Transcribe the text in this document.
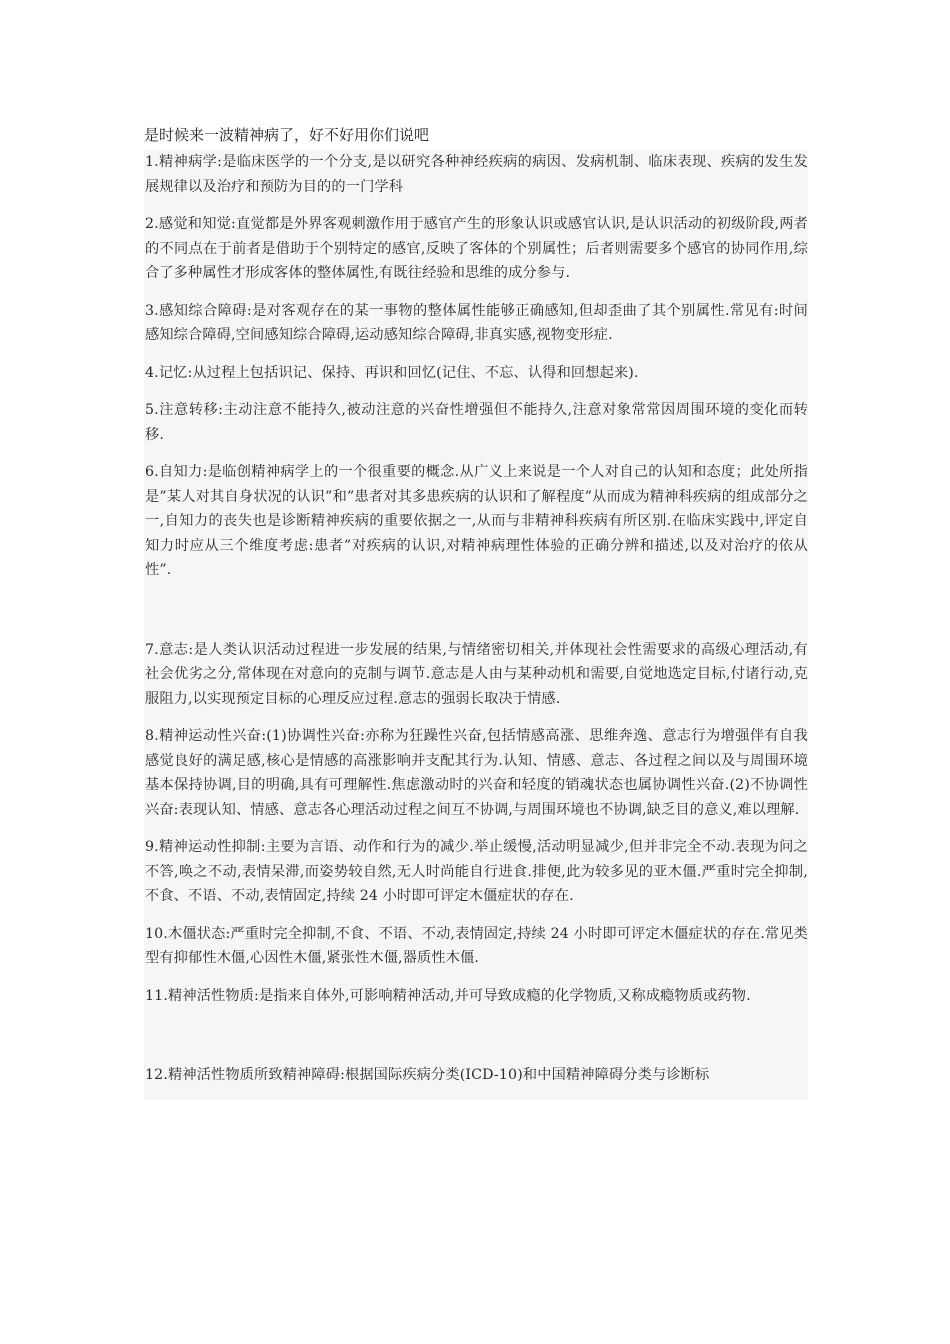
是时候来一波精神病了，好不好用你们说吧

1.精神病学:是临床医学的一个分支,是以研究各种神经疾病的病因、发病机制、临床表现、疾病的发生发展规律以及治疗和预防为目的的一门学科

2.感觉和知觉:直觉都是外界客观刺激作用于感官产生的形象认识或感官认识,是认识活动的初级阶段,两者的不同点在于前者是借助于个别特定的感官,反映了客体的个别属性；后者则需要多个感官的协同作用,综合了多种属性才形成客体的整体属性,有既往经验和思维的成分参与.

3.感知综合障碍:是对客观存在的某一事物的整体属性能够正确感知,但却歪曲了其个别属性.常见有:时间感知综合障碍,空间感知综合障碍,运动感知综合障碍,非真实感,视物变形症.

4.记忆:从过程上包括识记、保持、再识和回忆(记住、不忘、认得和回想起来).

5.注意转移:主动注意不能持久,被动注意的兴奋性增强但不能持久,注意对象常常因周围环境的变化而转移.

6.自知力:是临创精神病学上的一个很重要的概念.从广义上来说是一个人对自己的认知和态度；此处所指是”某人对其自身状况的认识”和”患者对其多患疾病的认识和了解程度”从而成为精神科疾病的组成部分之一,自知力的丧失也是诊断精神疾病的重要依据之一,从而与非精神科疾病有所区别.在临床实践中,评定自知力时应从三个维度考虑:患者”对疾病的认识,对精神病理性体验的正确分辨和描述,以及对治疗的依从性”.

7.意志:是人类认识活动过程进一步发展的结果,与情绪密切相关,并体现社会性需要求的高级心理活动,有社会优劣之分,常体现在对意向的克制与调节.意志是人由与某种动机和需要,自觉地选定目标,付诸行动,克服阻力,以实现预定目标的心理反应过程.意志的强弱长取决于情感.

8.精神运动性兴奋:(1)协调性兴奋:亦称为狂躁性兴奋,包括情感高涨、思维奔逸、意志行为增强伴有自我感觉良好的满足感,核心是情感的高涨影响并支配其行为.认知、情感、意志、各过程之间以及与周围环境基本保持协调,目的明确,具有可理解性.焦虑激动时的兴奋和轻度的销魂状态也属协调性兴奋.(2)不协调性兴奋:表现认知、情感、意志各心理活动过程之间互不协调,与周围环境也不协调,缺乏目的意义,难以理解.

9.精神运动性抑制:主要为言语、动作和行为的减少.举止缓慢,活动明显减少,但并非完全不动.表现为问之不答,唤之不动,表情呆滞,而姿势较自然,无人时尚能自行进食.排便,此为较多见的亚木僵.严重时完全抑制,不食、不语、不动,表情固定,持续 24 小时即可评定木僵症状的存在.

10.木僵状态:严重时完全抑制,不食、不语、不动,表情固定,持续 24 小时即可评定木僵症状的存在.常见类型有抑郁性木僵,心因性木僵,紧张性木僵,器质性木僵.

11.精神活性物质:是指来自体外,可影响精神活动,并可导致成瘾的化学物质,又称成瘾物质或药物.

12.精神活性物质所致精神障碍:根据国际疾病分类(ICD-10)和中国精神障碍分类与诊断标
